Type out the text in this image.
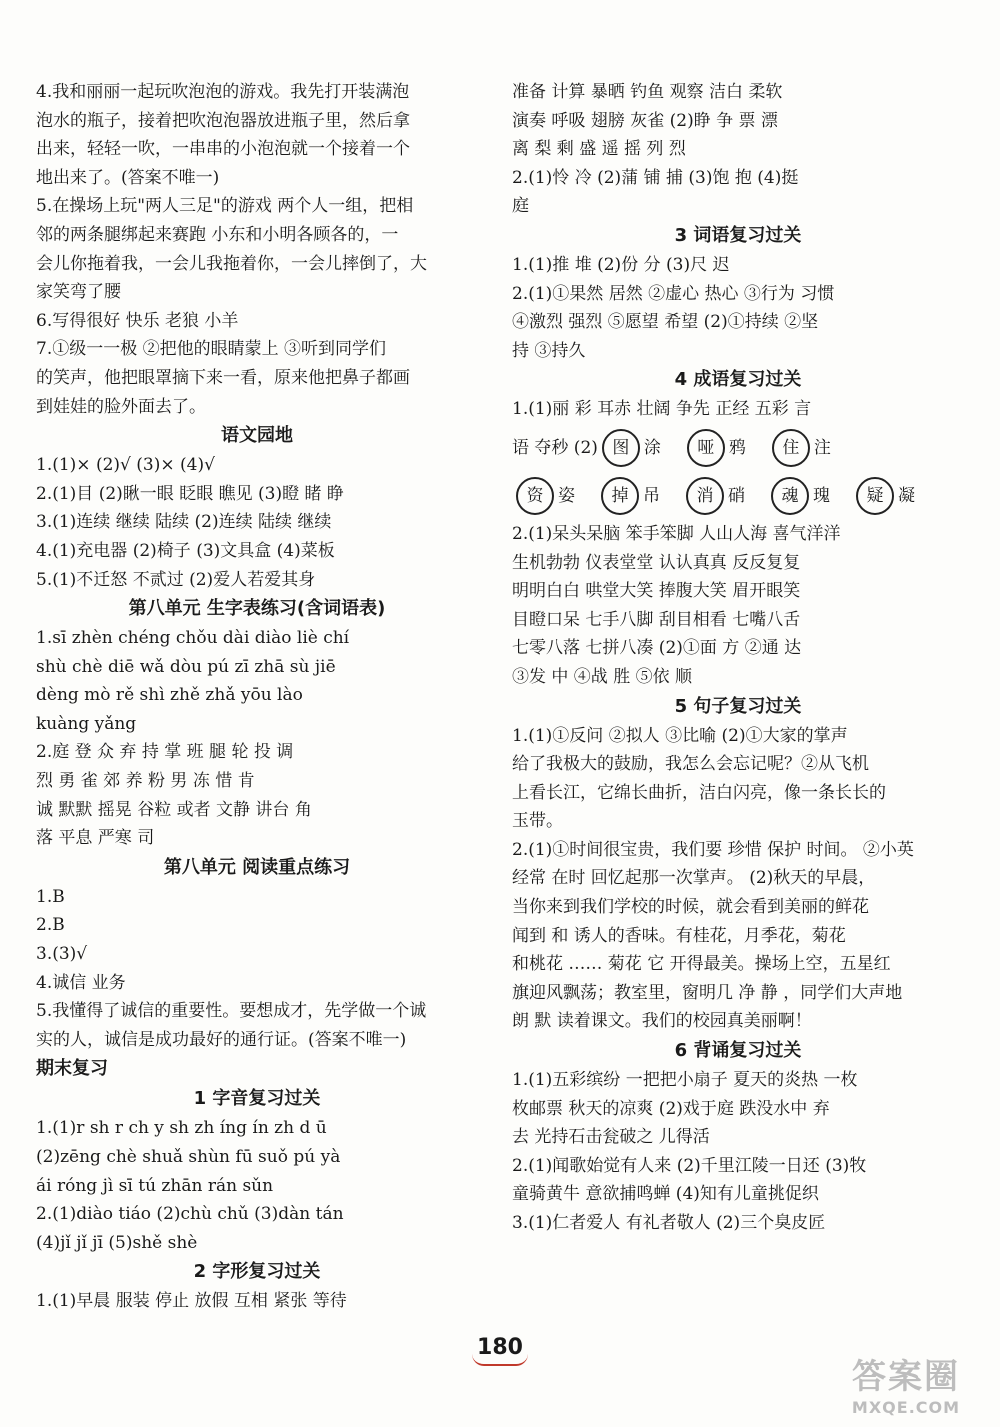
4.我和丽丽一起玩吹泡泡的游戏。我先打开装满泡
泡水的瓶子，接着把吹泡泡器放进瓶子里，然后拿
出来，轻轻一吹，一串串的小泡泡就一个接着一个
地出来了。(答案不唯一)
5.在操场上玩"两人三足"的游戏 两个人一组，把相
邻的两条腿绑起来赛跑 小东和小明各顾各的，一
会儿你拖着我，一会儿我拖着你，一会儿摔倒了，大
家笑弯了腰
6.写得很好 快乐 老狼 小羊
7.①级一一极 ②把他的眼睛蒙上 ③听到同学们
的笑声，他把眼罩摘下来一看，原来他把鼻子都画
到娃娃的脸外面去了。
语文园地
1.(1)× (2)√ (3)× (4)√
2.(1)目 (2)瞅一眼 眨眼 瞧见 (3)瞪 睹 睁
3.(1)连续 继续 陆续 (2)连续 陆续 继续
4.(1)充电器 (2)椅子 (3)文具盒 (4)菜板
5.(1)不迁怒 不贰过 (2)爱人若爱其身
第八单元 生字表练习(含词语表)
1.sī zhèn chéng chǒu dài diào liè chí
shù chè diē wǎ dòu pú zī zhā sù jiē
dèng mò rě shì zhě zhǎ yōu lào
kuàng yǎng
2.庭 登 众 弃 持 掌 班 腿 轮 投 调
烈 勇 雀 郊 养 粉 男 冻 惜 肯
诚 默默 摇晃 谷粒 或者 文静 讲台 角
落 平息 严寒 司
第八单元 阅读重点练习
1.B
2.B
3.(3)√
4.诚信 业务
5.我懂得了诚信的重要性。要想成才，先学做一个诚
实的人，诚信是成功最好的通行证。(答案不唯一)
期末复习
1 字音复习过关
1.(1)r sh r ch y sh zh íng ín zh d ū
(2)zēng chè shuǎ shùn fū suǒ pú yà
ái róng jì sī tú zhān rán sǔn
2.(1)diào tiáo (2)chù chǔ (3)dàn tán
(4)jǐ jǐ jī (5)shě shè
2 字形复习过关
1.(1)早晨 服装 停止 放假 互相 紧张 等待
准备 计算 暴晒 钓鱼 观察 洁白 柔软
演奏 呼吸 翅膀 灰雀 (2)睁 争 票 漂
离 梨 剩 盛 遥 摇 列 烈
2.(1)怜 冷 (2)蒲 铺 捕 (3)饱 抱 (4)挺
庭
3 词语复习过关
1.(1)推 堆 (2)份 分 (3)尺 迟
2.(1)①果然 居然 ②虚心 热心 ③行为 习惯
④激烈 强烈 ⑤愿望 希望 (2)①持续 ②坚
持 ③持久
4 成语复习过关
1.(1)丽 彩 耳赤 壮阔 争先 正经 五彩 言
语 夺秒 (2) 图 涂 哑 鸦 住 注
资 姿 掉 吊 消 硝 魂 瑰 疑 凝
2.(1)呆头呆脑 笨手笨脚 人山人海 喜气洋洋
生机勃勃 仪表堂堂 认认真真 反反复复
明明白白 哄堂大笑 捧腹大笑 眉开眼笑
目瞪口呆 七手八脚 刮目相看 七嘴八舌
七零八落 七拼八凑 (2)①面 方 ②通 达
③发 中 ④战 胜 ⑤依 顺
5 句子复习过关
1.(1)①反问 ②拟人 ③比喻 (2)①大家的掌声
给了我极大的鼓励，我怎么会忘记呢？②从飞机
上看长江，它绵长曲折，洁白闪亮，像一条长长的
玉带。
2.(1)①时间很宝贵，我们要 珍惜 保护 时间。 ②小英
经常 在时 回忆起那一次掌声。 (2)秋天的早晨，
当你来到我们学校的时候，就会看到美丽的鲜花
闻到 和 诱人的香味。有桂花，月季花，菊花
和桃花 …… 菊花 它 开得最美。操场上空，五星红
旗迎风飘荡；教室里，窗明几 净 静 ，同学们大声地
朗 默 读着课文。我们的校园真美丽啊！
6 背诵复习过关
1.(1)五彩缤纷 一把把小扇子 夏天的炎热 一枚
枚邮票 秋天的凉爽 (2)戏于庭 跌没水中 弃
去 光持石击瓮破之 儿得活
2.(1)闻歌始觉有人来 (2)千里江陵一日还 (3)牧
童骑黄牛 意欲捕鸣蝉 (4)知有儿童挑促织
3.(1)仁者爱人 有礼者敬人 (2)三个臭皮匠
180
答案圈
MXQE.COM
